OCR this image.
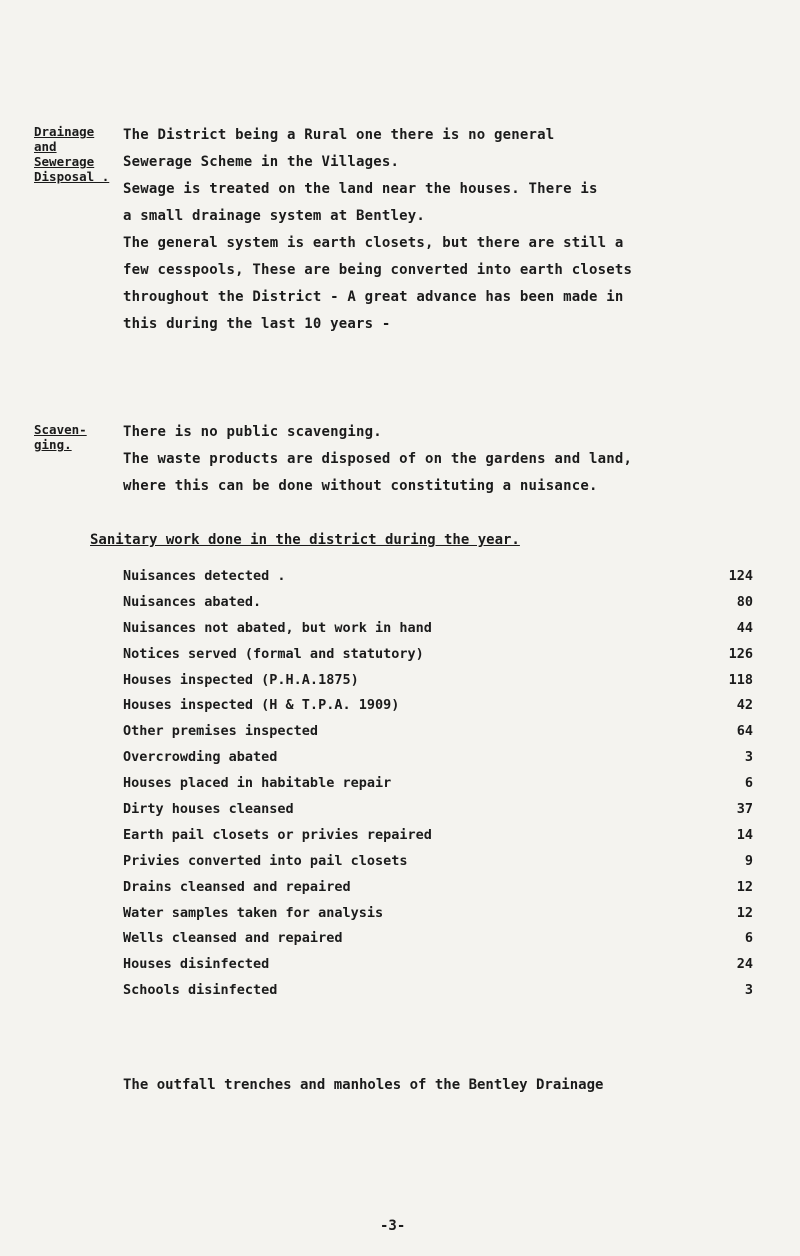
Drainage
and
Sewerage
Disposal .

The District being a Rural one there is no general

Sewerage Scheme in the Villages.

Sewage is treated on the land near the houses. There is

a small drainage system at Bentley.

The general system is earth closets, but there are still a

few cesspools, These are being converted into earth closets

throughout the District - A great advance has been made in

this during the last 10 years -

Scaven-
ging.

There is no public scavenging.

The waste products are disposed of on the gardens and land,

where this can be done without constituting a nuisance.

Sanitary work done in the district during the year.
Nuisances detected .	124
Nuisances abated.	80
Nuisances not abated, but work in hand	44
Notices served (formal and statutory)	126
Houses inspected (P.H.A.1875)	118
Houses inspected (H & T.P.A. 1909)	42
Other premises inspected	64
Overcrowding abated	3
Houses placed in habitable repair	6
Dirty houses cleansed	37
Earth pail closets or privies repaired	14
Privies converted into pail closets	9
Drains cleansed and repaired	12
Water samples taken for analysis	12
Wells cleansed and repaired	6
Houses disinfected	24
Schools disinfected	3
The outfall trenches and manholes of the Bentley Drainage
-3-
